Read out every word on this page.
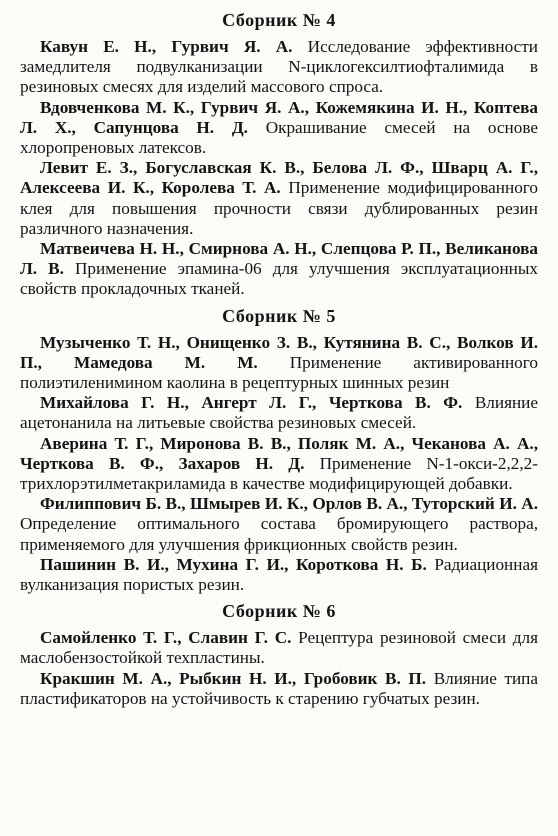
Сборник № 4

Кавун Е. Н., Гурвич Я. А. Исследование эффективности замедлителя подвулканизации N-циклогексилтиофталимида в резиновых смесях для изделий массового спроса.

Вдовченкова М. К., Гурвич Я. А., Кожемякина И. Н., Коптева Л. Х., Сапунцова Н. Д. Окрашивание смесей на основе хлоропреновых латексов.

Левит Е. З., Богуславская К. В., Белова Л. Ф., Шварц А. Г., Алексеева И. К., Королева Т. А. Применение модифицированного клея для повышения прочности связи дублированных резин различного назначения.

Матвеичева Н. Н., Смирнова А. Н., Слепцова Р. П., Великанова Л. В. Применение эпамина-06 для улучшения эксплуатационных свойств прокладочных тканей.

Сборник № 5

Музыченко Т. Н., Онищенко З. В., Кутянина В. С., Волков И. П., Мамедова М. М. Применение активированного полиэтиленимином каолина в рецептурных шинных резин

Михайлова Г. Н., Ангерт Л. Г., Черткова В. Ф. Влияние ацетонанила на литьевые свойства резиновых смесей.

Аверина Т. Г., Миронова В. В., Поляк М. А., Чеканова А. А., Черткова В. Ф., Захаров Н. Д. Применение N-1-окси-2,2,2-трихлорэтилметакриламида в качестве модифицирующей добавки.

Филиппович Б. В., Шмырев И. К., Орлов В. А., Туторский И. А. Определение оптимального состава бромирующего раствора, применяемого для улучшения фрикционных свойств резин.

Пашинин В. И., Мухина Г. И., Короткова Н. Б. Радиационная вулканизация пористых резин.

Сборник № 6

Самойленко Т. Г., Славин Г. С. Рецептура резиновой смеси для маслобензостойкой техпластины.

Кракшин М. А., Рыбкин Н. И., Гробовик В. П. Влияние типа пластификаторов на устойчивость к старению губчатых резин.
